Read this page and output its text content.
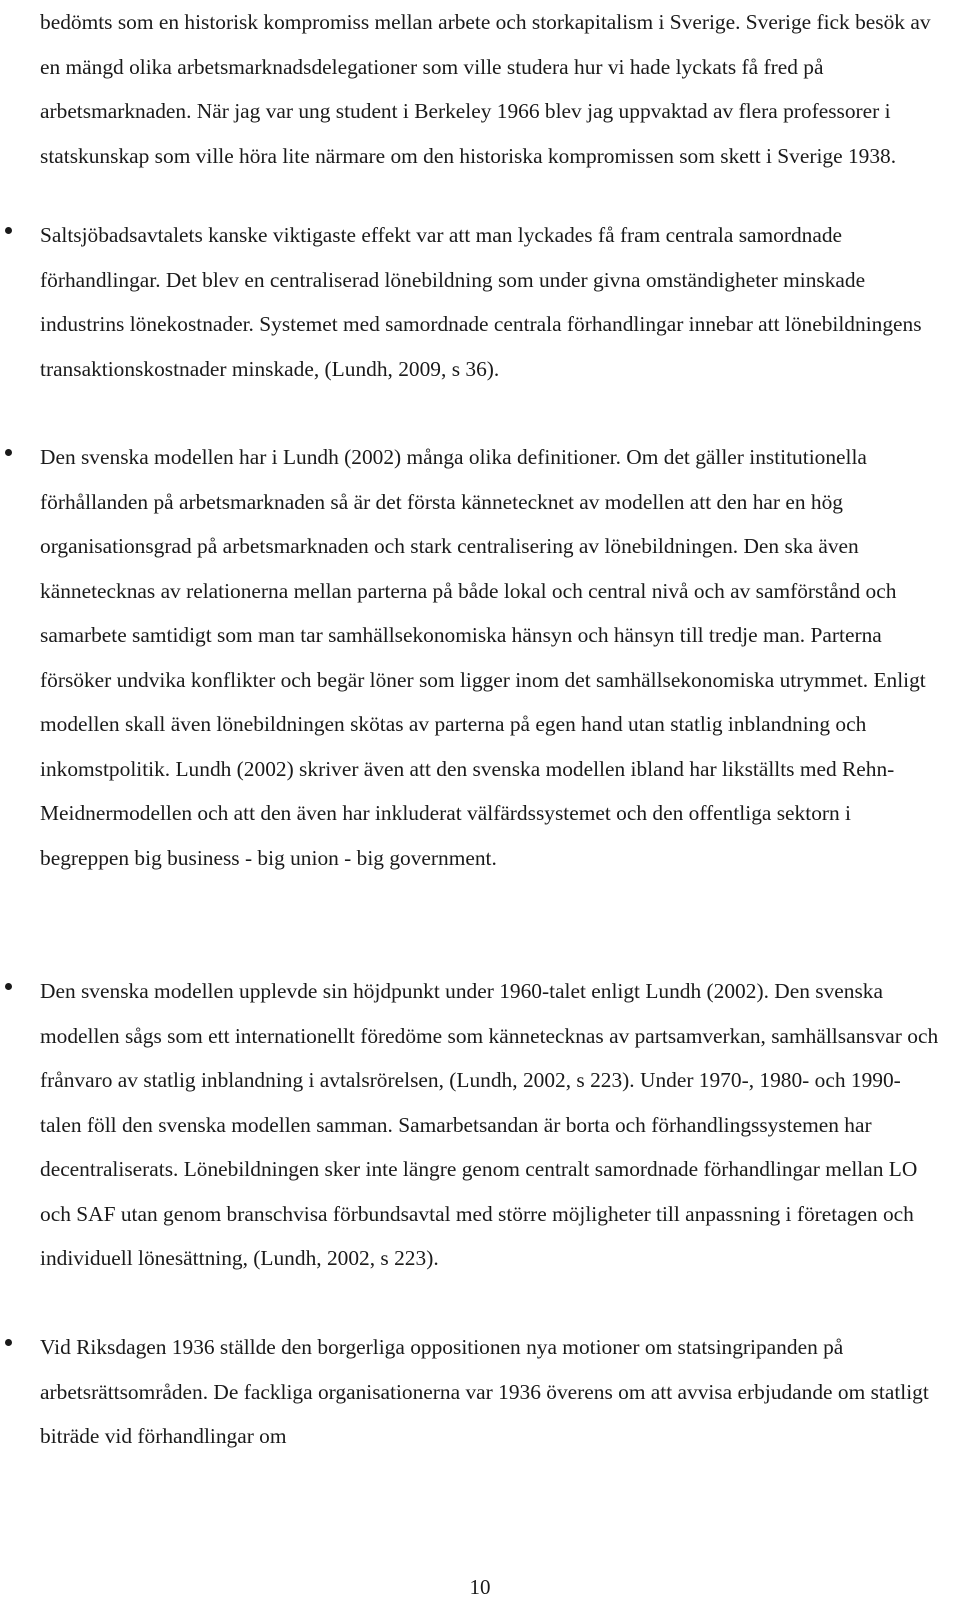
bedömts som en historisk kompromiss mellan arbete och storkapitalism i Sverige. Sverige fick besök av en mängd olika arbetsmarknadsdelegationer som ville studera hur vi hade lyckats få fred på arbetsmarknaden. När jag var ung student i Berkeley 1966 blev jag uppvaktad av flera professorer i statskunskap som ville höra lite närmare om den historiska kompromissen som skett i Sverige 1938.

Saltsjöbadsavtalets kanske viktigaste effekt var att man lyckades få fram centrala samordnade förhandlingar. Det blev en centraliserad lönebildning som under givna omständigheter minskade industrins lönekostnader. Systemet med samordnade centrala förhandlingar innebar att lönebildningens transaktionskostnader minskade, (Lundh, 2009, s 36).

Den svenska modellen har i Lundh (2002) många olika definitioner. Om det gäller institutionella förhållanden på arbetsmarknaden så är det första kännetecknet av modellen att den har en hög organisationsgrad på arbetsmarknaden och stark centralisering av lönebildningen. Den ska även kännetecknas av relationerna mellan parterna på både lokal och central nivå och av samförstånd och samarbete samtidigt som man tar samhällsekonomiska hänsyn och hänsyn till tredje man. Parterna försöker undvika konflikter och begär löner som ligger inom det samhällsekonomiska utrymmet. Enligt modellen skall även lönebildningen skötas av parterna på egen hand utan statlig inblandning och inkomstpolitik. Lundh (2002) skriver även att den svenska modellen ibland har likställts med Rehn-Meidnermodellen och att den även har inkluderat välfärdssystemet och den offentliga sektorn i begreppen big business - big union - big government.

Den svenska modellen upplevde sin höjdpunkt under 1960-talet enligt Lundh (2002). Den svenska modellen sågs som ett internationellt föredöme som kännetecknas av partsamverkan, samhällsansvar och frånvaro av statlig inblandning i avtalsrörelsen, (Lundh, 2002, s 223). Under 1970-, 1980- och 1990-talen föll den svenska modellen samman. Samarbetsandan är borta och förhandlingssystemen har decentraliserats. Lönebildningen sker inte längre genom centralt samordnade förhandlingar mellan LO och SAF utan genom branschvisa förbundsavtal med större möjligheter till anpassning i företagen och individuell lönesättning, (Lundh, 2002, s 223).

Vid Riksdagen 1936 ställde den borgerliga oppositionen nya motioner om statsingripanden på arbetsrättsområden. De fackliga organisationerna var 1936 överens om att avvisa erbjudande om statligt biträde vid förhandlingar om

10
